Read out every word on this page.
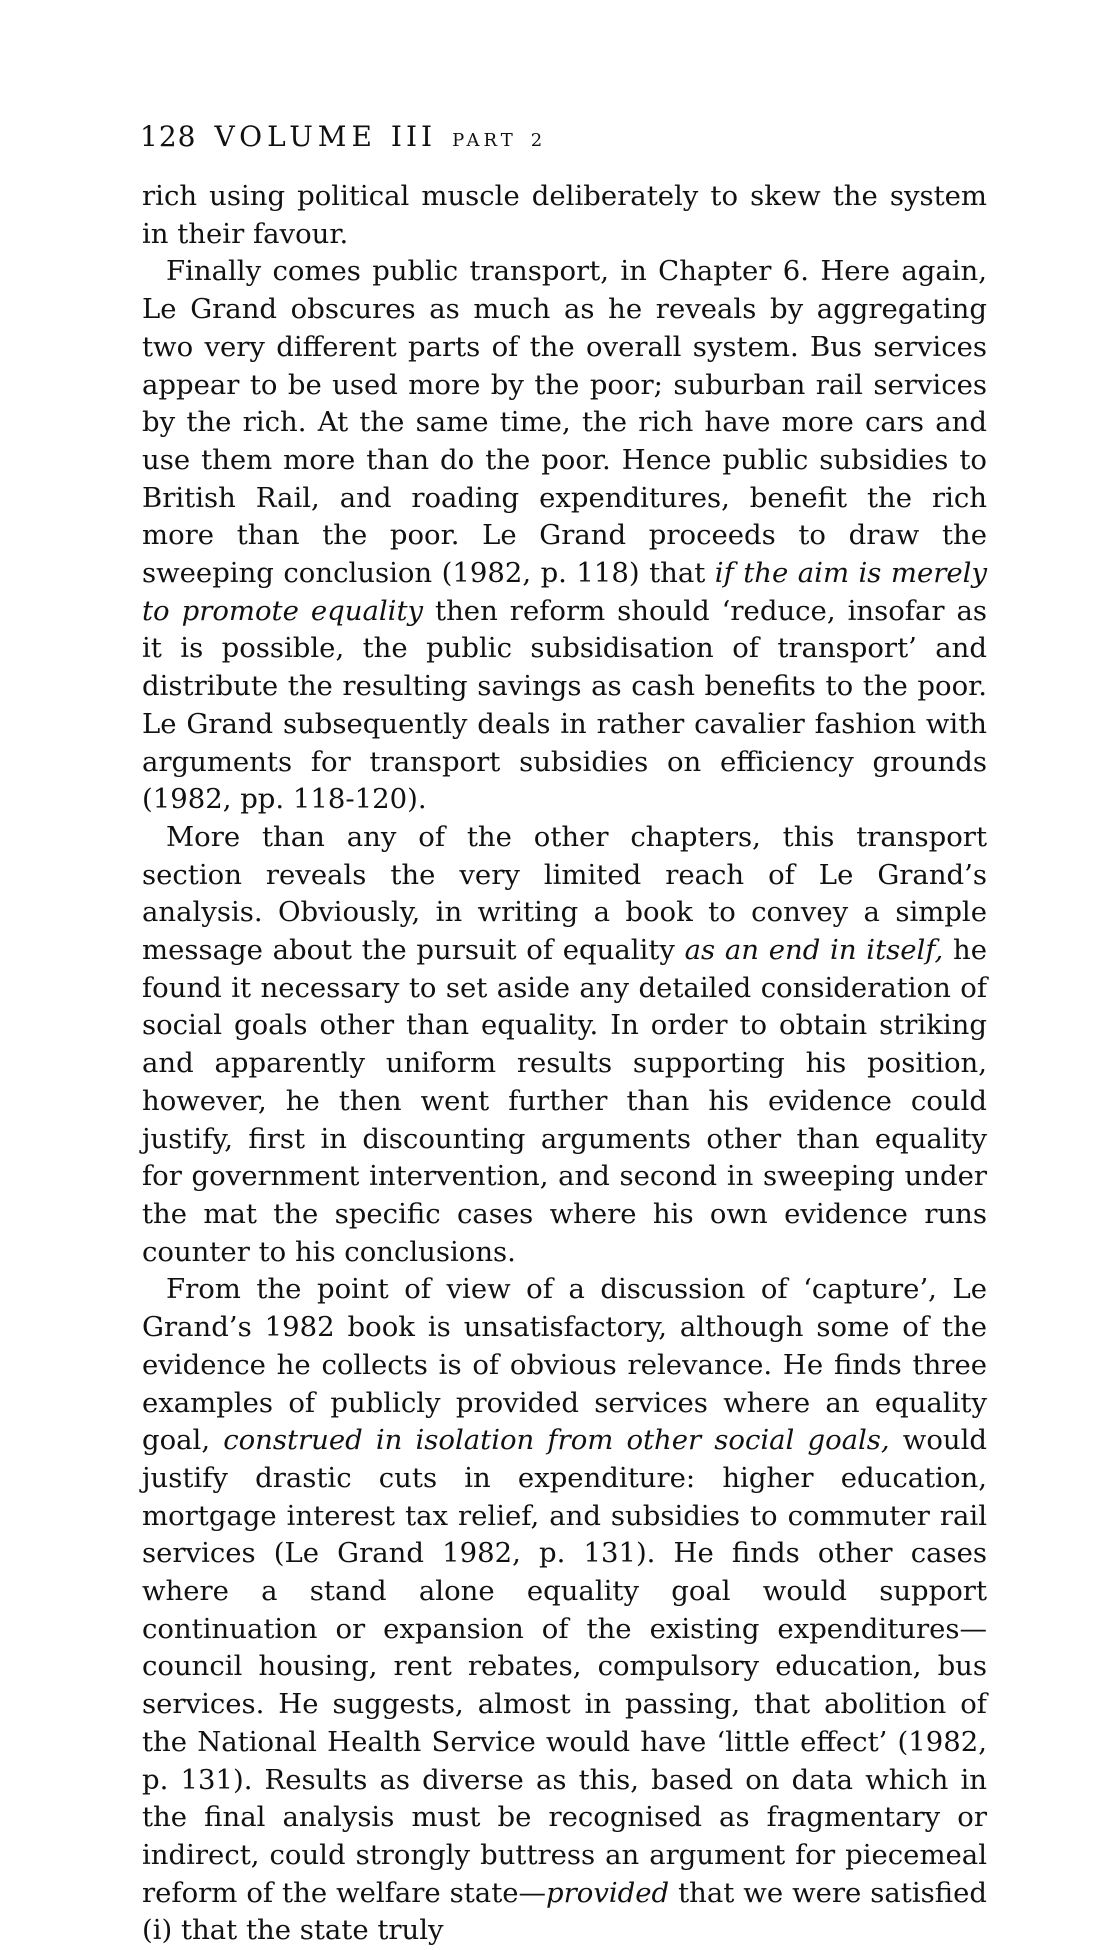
128 VOLUME III PART 2

rich using political muscle deliberately to skew the system in their favour.

Finally comes public transport, in Chapter 6. Here again, Le Grand obscures as much as he reveals by aggregating two very different parts of the overall system. Bus services appear to be used more by the poor; suburban rail services by the rich. At the same time, the rich have more cars and use them more than do the poor. Hence public subsidies to British Rail, and roading expenditures, benefit the rich more than the poor. Le Grand proceeds to draw the sweeping conclusion (1982, p. 118) that if the aim is merely to promote equality then reform should ‘reduce, insofar as it is possible, the public subsidisation of transport’ and distribute the resulting savings as cash benefits to the poor. Le Grand subsequently deals in rather cavalier fashion with arguments for transport subsidies on efficiency grounds (1982, pp. 118-120).

More than any of the other chapters, this transport section reveals the very limited reach of Le Grand’s analysis. Obviously, in writing a book to convey a simple message about the pursuit of equality as an end in itself, he found it necessary to set aside any detailed consideration of social goals other than equality. In order to obtain striking and apparently uniform results supporting his position, however, he then went further than his evidence could justify, first in discounting arguments other than equality for government intervention, and second in sweeping under the mat the specific cases where his own evidence runs counter to his conclusions.

From the point of view of a discussion of ‘capture’, Le Grand’s 1982 book is unsatisfactory, although some of the evidence he collects is of obvious relevance. He finds three examples of publicly provided services where an equality goal, construed in isolation from other social goals, would justify drastic cuts in expenditure: higher education, mortgage interest tax relief, and subsidies to commuter rail services (Le Grand 1982, p. 131). He finds other cases where a stand alone equality goal would support continuation or expansion of the existing expenditures—council housing, rent rebates, compulsory education, bus services. He suggests, almost in passing, that abolition of the National Health Service would have ‘little effect’ (1982, p. 131). Results as diverse as this, based on data which in the final analysis must be recognised as fragmentary or indirect, could strongly buttress an argument for piecemeal reform of the welfare state—provided that we were satisfied (i) that the state truly
